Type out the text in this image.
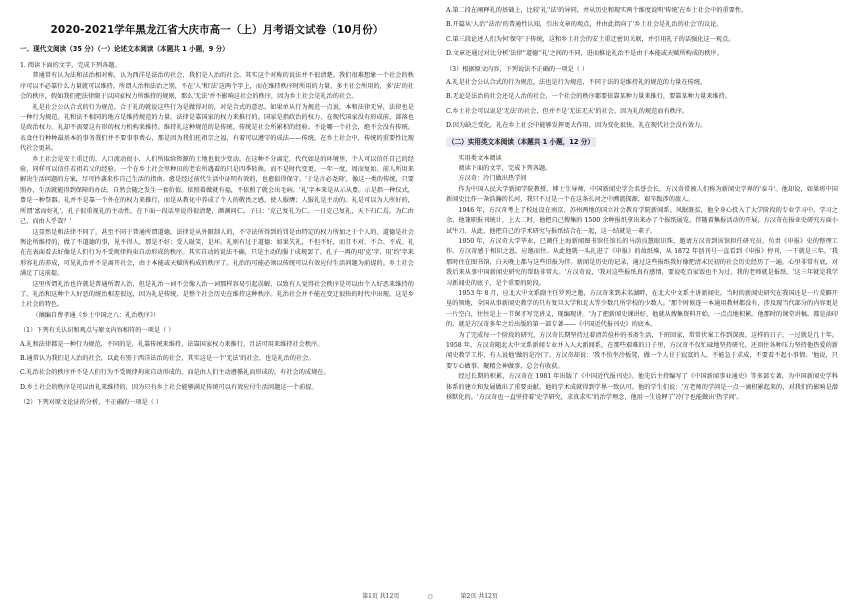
2020-2021学年黑龙江省大庆市高一（上）月考语文试卷（10月份）
一、现代文阅读（35 分）（一）论述文本阅读（本题共 1 小题，9 分）

1. 阅读下面的文字，完成下列各题。

普通常有认为法和法治相对称，认为西洋是法治的社会，我们是人治的社会。其实这个对称的说法并不很清楚。我们很难想象一个社会的秩序可以不必靠什么力量就可以维持。所谓人治和法治之别，不在'人'和'法'这两个字上，而在维持秩序时所用的力量，多主社会所用的，多'法'的社会的秩序，假如我们把法律限于以国家权力所维持的规则，那么'无法'并不影响这社会的秩序，因为乡土社会是礼治的社会。

礼是社会公认合式的行为规范。合于礼的就说这些行为是做得对的，对是合式的意思。如果单从行为规范一点说，本和法律无异，法律也是一种行为规范。礼和法不相同的地方是维持规范的力量。法律是靠国家的权力来推行的。国家是指政治的权力，在现代国家没有形成前，部落也是政治权力。礼却不需要这有形的权力机构来推持。维持礼这种规范的是传统。传统是社会所累积的经验。不论哪一个社会，绝不会没有传统。衣食住行种种最基本的事务我们并不要事事费心，那是因为我们托祖宗之福，有着可以遵守的成法——传统。在乡土社会中，传统的重要性比现代社会更甚。

乡土社会是安土重迁的，人口流动很小，人们所取给资源的土地也很少变动。在这种不分离定，代代如是的环境里，个人可以信任自己的经验，同样可以信任若祖若父的经验。一个在乡土社会里种田的老农所遇着的只是四季转换，而不是时代变更。一年一度，周而复始。前人所用来解决生活问题的方案，尽可抄袭来作自己生活的指南。愈是经过前代生活中证明有效的，也愈值得保守。'于是言必尧舜'，像这一类的传统，只要照办，生活就能得到保障的办法，自然会随之发生一套价值。依照着做就有福，不依照了就会出毛病。'礼'字本来是从示从豊。示是指一种仪式，豊是一种祭器。礼并不是靠一个外在的权力来推行，而是从教化中养成了个人的敬畏之感，使人服膺；人服礼是主动的。礼是可以为人所好的，所谓'富而好礼'。孔子很重视礼的主动性，在下面一段话里说得很清楚，颜渊问仁。子曰：'克己复礼为仁。一日克己复礼，天下归仁焉。为仁由己，而由人乎哉？'

这显然是和法律不同了，甚至不同于普通所谓道德。法律是从外限制人的，不守法所得到的罚是由特定的权力所加之于个人的。道德是社会舆论所维持的，做了不道德的事，见不得人，那是不好；受人耻笑，是坏。礼则有过于道德：如果失礼，不但不好，而且不对、不合、不成。礼在在表面看去好像是人们行为不受规律拘束自动形成的秩序。其实自动的说法不确，只是主动的服于成规罢了。孔子一再的用'克'字，用'约'字来形容礼的养成，可见礼治并不是离开社会，由于本能或天赋所构成的秩序了。礼治的可能必须以传统可以有效应付生活问题为前提的。乡土社会满足了这前提。

这里所谓礼治也许就是普通所谓人治，但是礼治一词不会像人治一词那样容易引起误解，以致有人觉得社会秩序是可以由个人好恶来维持的了。礼治和这种个人好恶的统治相差很远，因为礼是传统，是整个社会历史在维持这种秩序。礼治社会并不能在变迁很快的时代中出现，这是乡土社会的特色。

（摘编自费孝通《乡土中国之八：礼治秩序》）

（1）下列有关认识和观点与原文内容相符的一项是（ ）
A.礼和法律都是一种行为规范，不同的是，礼靠传统来维持，法靠国家权力来推行，且法可用来维持社会秩序。
B.通常认为我们是人治的社会，以此有别于西洋法治的社会，其实这是一个'无法'的社会，也是礼治的社会。
C.礼治社会的秩序并不是人们行为不受规律拘束自动形成的，而是由人们主动遵循礼而形成的，有社会的成规在。
D.乡土社会的秩序是可以由礼来维持的，因为只有乡土社会能够满足传统可以有效应付生活问题这一个前提。
（2）下列对原文论证的分析，不正确的一项是（ ）
A.第二段在阐释礼的基础上，比较'礼''法'的异同，并从历史和现实两个维度说明'传统'在乡土社会中的重要性。
B.开篇从'人治''法治'的普通性认知，引出文章的观点，并由此指向了'乡土社会是礼治的社会'的议论。
C.第三段论述人们为何'保守'于传统，这和乡土社会的安土重迁密切关联，并引用孔子的话强化这一观点。
D.文章还通过对比分析'法律''道德''礼'之间的不同，进而推论礼治不是由于本能或天赋所构成的秩序。
（3）根据原文内容，下列说法不正确的一项是（ ）
A.礼是社会公认合式的行为规范，法也是行为规范，不同于法的是维持礼的规范的力量在传统。
B.无论是法治的社会还是人治的社会，一个社会的秩序都要依靠某种力量来推行，要靠某种力量来维持。
C.乡土社会可以说是'无法'的社会，但并不是'无法无天'的社会，因为礼的规范而有秩序。
D.因为缺乏变化，礼在乡土社会中能够发挥更大作用，因为变化很快，礼在现代社会没有效力。
（二）实用类文本阅读（本题共 1 小题，12 分）

实用类文本阅读

阅读下面的文字，完成下列各题。

方汉奇：冷门做出热学问

作为中国人民大学新闻学院教授、博士生导师，中国新闻史学会名誉会长，方汉奇常被人们称为新闻史学界的'泰斗'。他却说，如果将中国新闻史比作一条浩瀚的长河，我只不过是一个在这条长河之中溯流探源、艰辛跋涉的旅人。

1946 年，方汉奇考上了校址设在南京、苏州两地的国立社会教育学院新闻系。风眠既贫，他全身心投入了大学阶段的专业学习中。学习之余，他兼职报刊统计，上大二时，他把自己搜集的 1500 余种报纸拿出来办了个报纸展览，伴随着集报活动的开展，方汉奇在报业史研究方面小试牛刀。从此，他把自己的学术研究与报纸结合在一起，这一结就是一辈子。

1950 年，方汉奇大学毕业，已调任上海新闻图书馆任馆长的马荫良慧眼识珠，邀请方汉奇到该馆担任研究员，负责《申报》史的整理工作。方汉奇感于相识之恩，应邀而往。从此他就一头扎进了《申报》的故纸堆，从 1872 年创刊号一直看到《申报》停刊，一干就是三年。'我那时住在图书馆，白天晚上都与这些旧报为伴。新闻是历史的记录，通过这些报纸我好像把清末民初的社会历史经历了一遍，心里非常有底，对我后来从事中国新闻史研究的帮助非常大。'方汉奇说，'我对这些报纸真有感情，要说吃百家饭也不为过，我的老师就是报纸。'这三年就是我学习新闻史的底子，是个重要的阶段。

1953 年 8 月，应北大中文系副主任罗列之邀，方汉奇来到未名湖畔，在北大中文系主讲新闻史。当时的新闻史研究在我国还是一片荒僻开垦的领地，全国从事新闻史教学的只有复旦大学和北大等少数几所学校的少数人。'那个时候连一本通用教材都没有，涉及现当代部分的内容更是一片空白，往往是上一节课才写完讲义，现编现讲。'为了把新闻史课讲好，他就从搜集资料开始，一点点地积累。他那时的课堂讲稿，都是油印的，就是方汉奇多年之后出版的第一部专著——《中国近代报刊史》的底本。

为了完成每一个阶段的研究，方汉奇长期坚持过着清苦俭朴的书斋生活，下班回家，常常伏案工作到深夜。这样的日子，一过就是几十年。1958 年，方汉奇随北大中文系新闻专业并入人大新闻系，在那些艰难的日子里，方汉奇不仅忙碌地坚持研究，还顶住各种压力坚持他热爱的新闻史教学工作，有人说他'做的是冷门'。方汉奇却说：'我不怕坐冷板凳，做一个人甘于寂寞的人，不能急于求成，不要看不起小事情。'他说，只要专心做事、聚精会神做事，总会有收获。

经过长期的积累，方汉奇在 1981 年出版了《中国近代报刊史》。他先后主持编写了《中国新闻事业通史》等多部专著，为中国新闻史学科体系的建立和发展做出了重要贡献。他的学术成就得到学界一致认可。他的学生们说：'方老师的学问是一点一滴积累起来的，对我们的影响是潜移默化的。'方汉奇也一直坚持着'史学研究，求真求实'的治学理念，他用一生诠释了'冷门'也能做出'热学问'。

第1页 共12页	○	第2页 共12页
